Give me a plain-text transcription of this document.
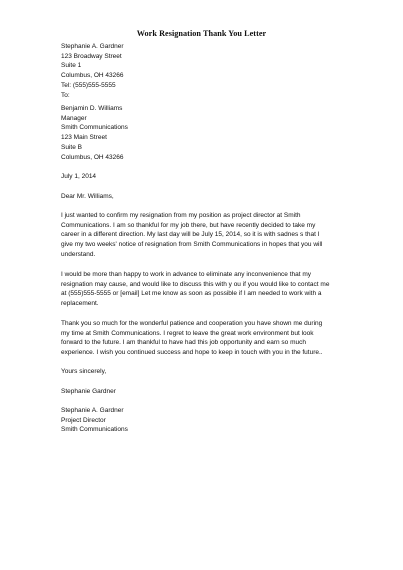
Work Resignation Thank You Letter
Stephanie A. Gardner
123 Broadway Street
Suite 1
Columbus, OH 43266
Tel: (555)555-5555
To:
Benjamin D. Williams
Manager
Smith Communications
123 Main Street
Suite B
Columbus, OH 43266
July 1, 2014
Dear Mr. Williams,
I just wanted to confirm my resignation from my position as project director at Smith
Communications. I am so thankful for my job there, but have recently decided to take my
career in a different direction. My last day will be July 15, 2014, so it is with sadnes s that I
give my two weeks' notice of resignation from Smith Communications in hopes that you will
understand.
I would be more than happy to work in advance to eliminate any inconvenience that my
resignation may cause, and would like to discuss this with y ou if you would like to contact me
at (555)555-5555 or [email] Let me know as soon as possible if I am needed to work with a
replacement.
Thank you so much for the wonderful patience and cooperation you have shown me during
my time at Smith Communications. I regret to leave the great work environment but look
forward to the future. I am thankful to have had this job opportunity and earn so much
experience. I wish you continued success and hope to keep in touch with you in the future..
Yours sincerely,
Stephanie Gardner
Stephanie A. Gardner
Project Director
Smith Communications
